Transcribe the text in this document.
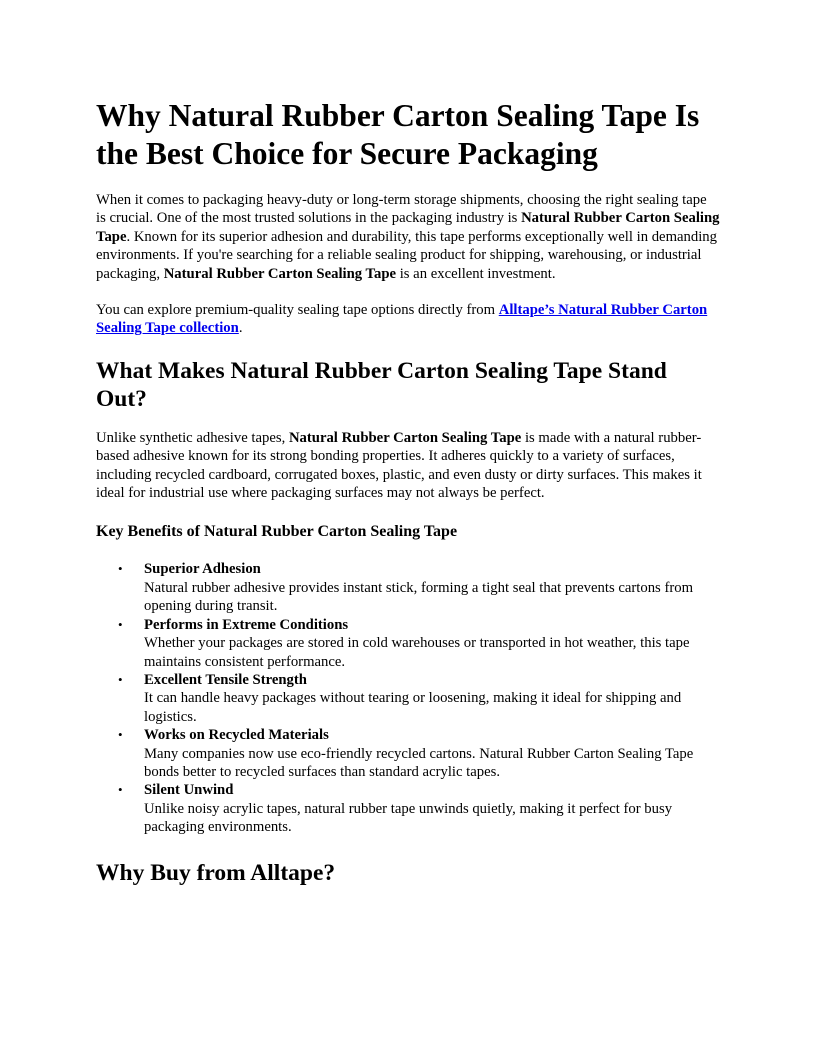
Why Natural Rubber Carton Sealing Tape Is the Best Choice for Secure Packaging

When it comes to packaging heavy-duty or long-term storage shipments, choosing the right sealing tape is crucial. One of the most trusted solutions in the packaging industry is Natural Rubber Carton Sealing Tape. Known for its superior adhesion and durability, this tape performs exceptionally well in demanding environments. If you're searching for a reliable sealing product for shipping, warehousing, or industrial packaging, Natural Rubber Carton Sealing Tape is an excellent investment.

You can explore premium-quality sealing tape options directly from Alltape’s Natural Rubber Carton Sealing Tape collection.

What Makes Natural Rubber Carton Sealing Tape Stand Out?

Unlike synthetic adhesive tapes, Natural Rubber Carton Sealing Tape is made with a natural rubber-based adhesive known for its strong bonding properties. It adheres quickly to a variety of surfaces, including recycled cardboard, corrugated boxes, plastic, and even dusty or dirty surfaces. This makes it ideal for industrial use where packaging surfaces may not always be perfect.

Key Benefits of Natural Rubber Carton Sealing Tape
• Superior Adhesion
Natural rubber adhesive provides instant stick, forming a tight seal that prevents cartons from opening during transit.
• Performs in Extreme Conditions
Whether your packages are stored in cold warehouses or transported in hot weather, this tape maintains consistent performance.
• Excellent Tensile Strength
It can handle heavy packages without tearing or loosening, making it ideal for shipping and logistics.
• Works on Recycled Materials
Many companies now use eco-friendly recycled cartons. Natural Rubber Carton Sealing Tape bonds better to recycled surfaces than standard acrylic tapes.
• Silent Unwind
Unlike noisy acrylic tapes, natural rubber tape unwinds quietly, making it perfect for busy packaging environments.
Why Buy from Alltape?
